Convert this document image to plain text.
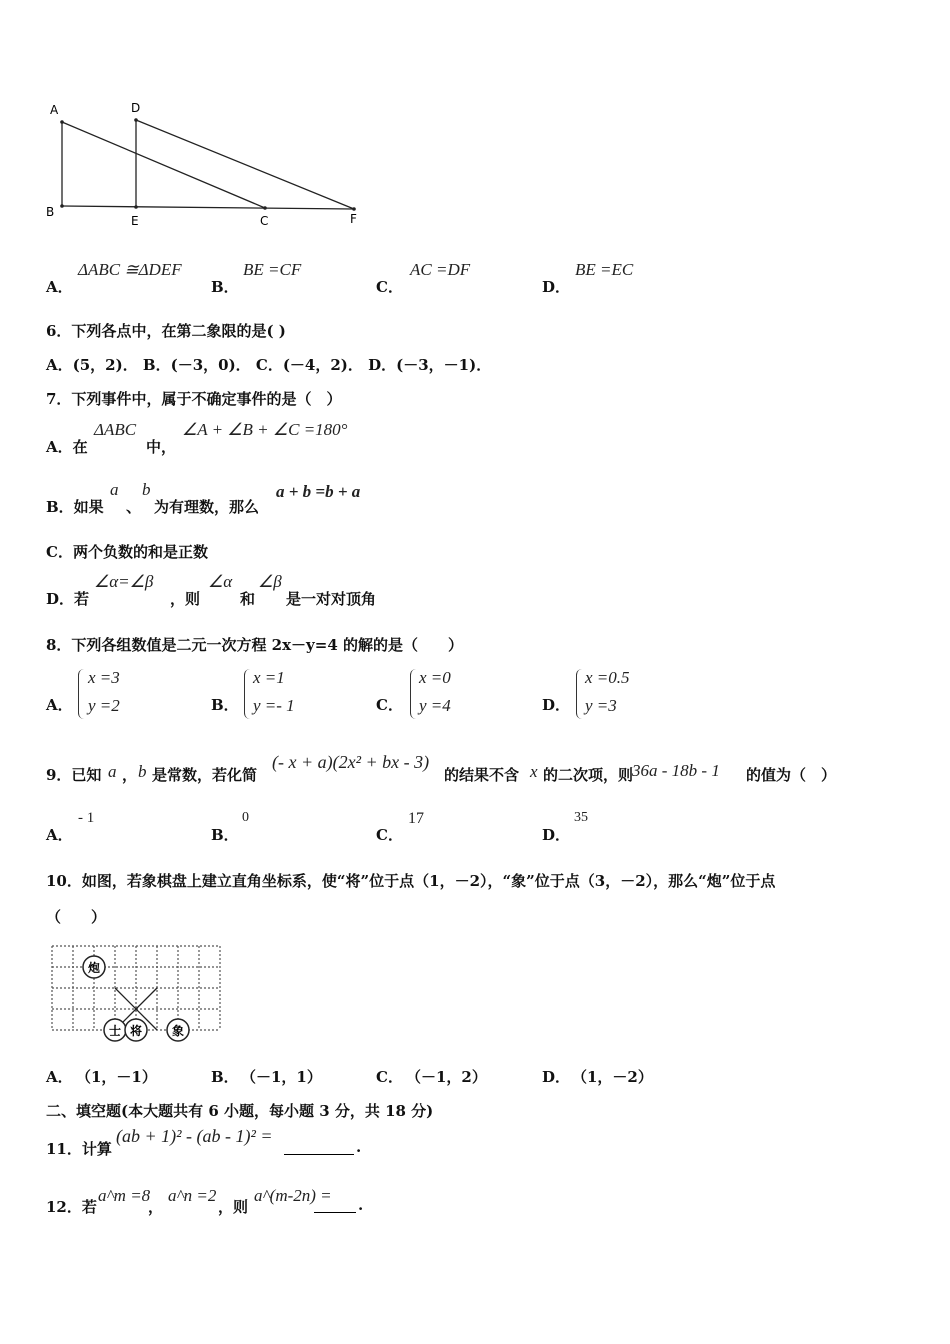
A	D
B
E	C	F
A．
ΔABC ≅ΔDEF
B．
BE =CF
C．
AC =DF
D．
BE =EC
6．下列各点中，在第二象限的是( )
A．(5，2)． B．(－3，0)． C．(－4，2)． D．(－3，－1)．
7．下列事件中，属于不确定事件的是（　）
A．在
ΔABC
中，
∠A + ∠B + ∠C =180°
B．如果
a
、
b
为有理数，那么
a + b =b + a
C．两个负数的和是正数
D．若
∠α=∠β
，则
∠α
和
∠β
是一对对顶角
8．下列各组数值是二元一次方程 2x－y=4 的解的是（　　）
A．
x =3
y =2	B．
x =1
y =- 1	C．
x =0
y =4	D．
x =0.5
y =3
9．已知 a ， b 是常数，若化简
(- x + a)(2x² + bx - 3)
的结果不含 x 的二次项，则
36a - 18b - 1 的值为（　）
A．
- 1
B．
0
C．
17
D．
35
10．如图，若象棋盘上建立直角坐标系，使“将”位于点（1，－2），“象”位于点（3，－2），那么“炮”位于点
（　　）
炮
士 将 象
A． （1，－1）	B． （－1，1）	C． （－1，2）	D． （1，－2）
二、填空题(本大题共有 6 小题，每小题 3 分，共 18 分)
11．计算
(ab + 1)² - (ab - 1)² =
.
12．若
a^m =8
，
a^n =2
，则
a^(m-2n) = .
